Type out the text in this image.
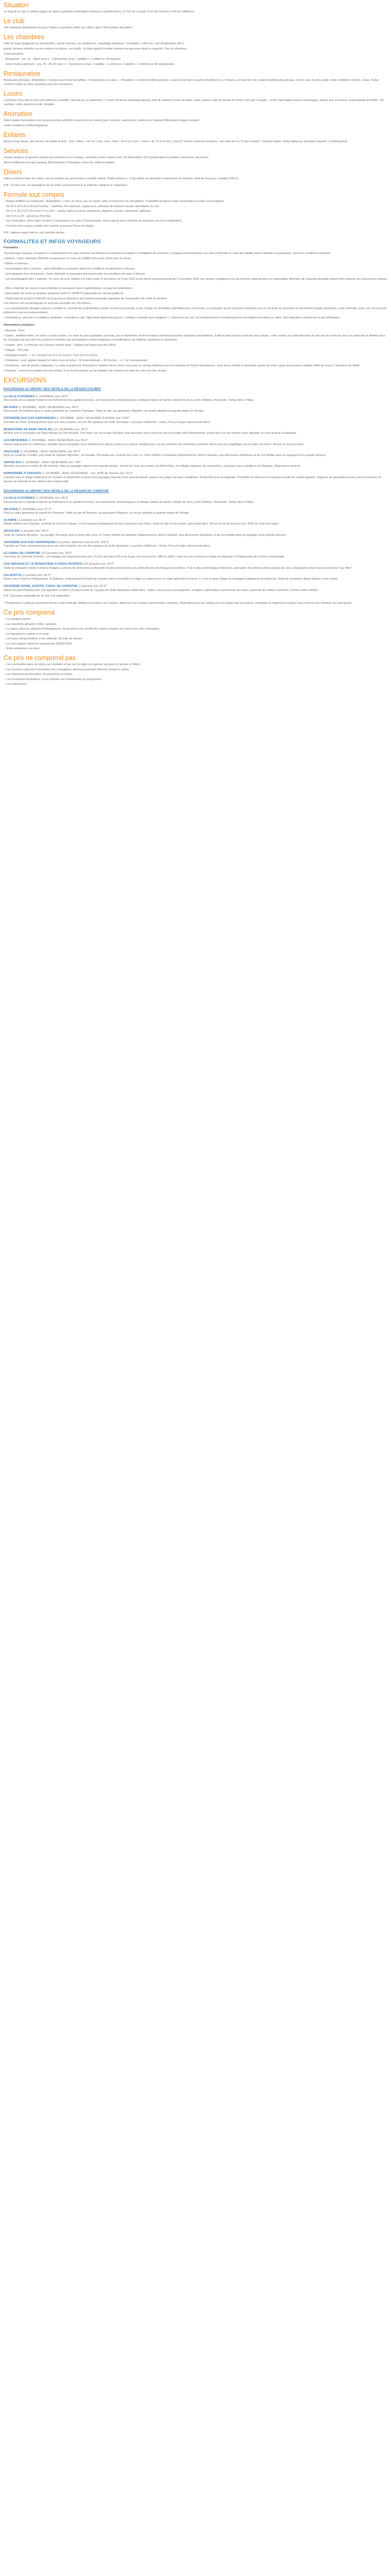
Situation

Le long de la côte (3 petites plages de sable et graviers aménagées enbaucé le pavillon bleu), à 2 km de Loutraki, 8 km de Corinthe et 85 km d'Athènes.

Le club

196 chambres (bungalows et junior Suites) construites à flanc de colline, dans 150 hectares de jardins.

Les chambres

Salle de bains (baignoire ou douche/WC), sèche-cheveux, air-conditionné, (chauffage individuel, TV/satellite, coffre fort, mini-réfrigérateur, Wi-Fi

gratuit, terrasse privative ou en commun ou balcon, vue jardin. Lit bébé gratuit (compte comme une personne dans la capacité). Pas de chambres

communicantes.

- Bungalows : env. 16 - 20m2 pour 1 - 3 personnes (max. 2 adultes + 1 enfant ou 1ft équipés).

- Junior Suite supérieure : env. 20 - 25 m2, pour 2 - 4 personnes (max. 3 adultes + 1 enfant ou 2 adultes + 2 enfants sur lits superposés).

Restauration

Restaurant principal « Amphitryon » (repas sous forme de buffets), 2 restaurants à la carte : « Poseidon » (cuisine méditerranéenne, ouvert le soir dans la partie Wyndham) et « Fetiano» en bord de mer (cuisine traditionnelle grecque, midi et soir, de juin à août, selon conditions météo), 2 bars. Tenue correcte exigée au dîner (pantalon pour les messieurs).

Loisirs

2 piscines d'eau douce dont une intérieure (chauffée, sauf de juin à septembre), 3 courts de tennis (éclairage payant), prêt de matériel, tennis de table, volley, basket, salle de remise en forme, mini golf. Payants : centre Spa Aegéa (soins et massages), sauna, bain à remous. Indépendants de l'hôtel : ski nautique, voile, planche à voile, plongée.

Animation

Notre équipe d'animation vous proposera des activités en journée et en soirée (jeux, tournois, spectacles). Soirée avec danses folkloriques chaque semaine

(selon conditions météorologiques).

Enfants

Bassin d'eau douce, aire de jeux. En juillet et août : club « Minis » de 4 à 7 ans, club « Kids » de 8 à 12 ans, « Ados » de 13 à 16 ans, 6 jours/7. Autres vacances scolaires : mini club de 4 à 12 ans 6 jours/7. Chaises hautes. Baby-sitting sur demande (payant). Lit bébé gratuit.

Services

chaises longues et parasols gratuits aux piscines et sur la plage, serviettes contre caution (env. 10 €/serviette), Wi-Fi gratuit dans les parties communes, ascenseur

dans le bâtiment principal, parking. Blanchisserie. Principales cartes de crédit acceptées.

Divers

Hôtel construit à flanc de colline, non accessible aux personnes à mobilité réduite. Petits animaux (- 5 kg) admis sur demande uniquement en chambre. Arrêt de bus pour Loutraki à 200 m.

N.B : À notre avis, les prestations de cet hôtel correspondent à un hôtel de catégorie 4* supérieure.

Formule tout compris
• Repas (buffets) au restaurant « Amphytrion », avec vin local, eau en carafe, bière et boissons non alcoolisées. Possibilité de panier-repas (réservation la veille à la réception).
• De 10 h 30 à 23 h 00 au Pool Bar : café/thés, thé expresso, cappuccino, sélection de boissons locales alcoolisées ou non.
• De 11 h 30 à 12 h 30 et de 17 h à 18 h : snacks salés et sucrés (sandwichs, légumes, pizzas, charcuterie, gâteaux)
• De 16 h à 17h : glaces au Pool Bar.
• Sur réservation, dîner dans l'un des 2 restaurants à la carte (1 fois/semaine, menu spécial avec sélection de boissons, de juin à septembre).
• Formule tout compris valable dès l'arrivée et jusqu'à l'heure du départ

N.B : plateau-repas froid en cas d'arrivée tardive

FORMALITES ET INFOS VOYAGEURS

Formalités :

Tout passager français, européen ou ressortissant d'un pays membre de l'Espace Economique Européen a l'obligation de présenter, à chaque embarquement, une pièce d'identité en cours de validité (carte d'identité ou passeport), selon les conditions suivantes :

• Adultes : Carte nationale d'identité ou passeport en cours de validité et/ou avec durée pour la retour.

• Bébés et mineurs :

- accompagnés des 2 parents : carte d'identité ou passeport selon les conditions mentionnées ci-dessus.

- accompagnés d'un seul parent : Carte d'identité ou passeport personnel selon les conditions de pays ci-dessus.

- non accompagnés des 2 parents : En vertu de la loi relative à la lutte contre le terrorisme du 3 juin 2016 et du décret gouvernemental du 2 novembre 2016, les mineurs voyageant hors du territoire national sans un responsable détenteur de l'autorité parentale doivent être porteurs des documents suivants :

- Pièce d'identité du mineur (carte d'identité ou passeport selon réglementation du pays de destination)

- Autorisation de sortie du territoire (imprimé Cerfa N° 15646*01 disponible sur service-public.fr)

- Photocopie de la pièce d'identité de la personne détentrice de l'autorité parentale signataire de l'autorisation de sortie du territoire

Les mineurs non accompagnés ne sont pas acceptés sur nos séjours.

• Les ressortissants étrangers doivent consulter le consulat de la destination choisie et doivent accomplir, à leur charge, les formalités spécifiques les concernant. Un passager qui ne peut pas embarquer sur un vol faute de présenter les documents exigés (passeport, carte d'identité, visas, etc.) ne pourrait prétendre à aucun remboursement.

• Informations, sécurité et conditions sanitaires : consultez le site "http://www.diplomatie.gouv.fr", rubrique «conseils aux voyageurs ». Dans tous les cas, l'accomplissement à l'entièrement des formalités incombent au client, sauf indication contraire de la part d'Héliades.

Informations pratiques :

• Monnaie : Euro

• Climat : méditerranéen, en visite en toute saison. Les mois les plus agréables sont mai, juin et septembre. Avril et octobre connaissent parfois quelques perturbations. Juillet et août sont les mois les plus chauds ; cette chaleur est atténuée dans les îles par les vents du nord, en particulier le Meltem dans les Cyclades qui peut être très violent et entraîner des perturbations météorologiques et modifications de rotations maritimes ou aériennes.

• Langue : grec. Le français est à langue vivante parlé ; l'anglais est beaucoup plus utilisé.

• Voltage : 220 volts.

• Décalage horaire : + 1h. Lorsqu'il est 12 h en France, il est 13 h en Grèce.

• Téléphone : pour appeler depuis la France vers la Grèce : 00 (international) + 30 (Grèce) - + n° du correspondant.

• Pourboires : pas de service obligatoire. La carte européenne d'assurance maladie donne droit à une prise en charge médicale pour les citoyens de l'Union Européenne. Vous devez la faire la demande auprès de votre caisse d'assurance maladie (délai au moins 2 semaines de délai).

• Animaux : rarement acceptés dans les hôtels. Ils ne le sont jamais sur les bateaux de croisières et dans les cars lors des circuits.

EXCURSIONS
EXCURSIONS AU DÉPART DES HÔTELS DE LA RÉGION D'EUBÉE
LA VILLE D'ATHÈNES (1 JOURNÉE) env. 44 €*
Découverte de la capitale moderne du Parlement et les gardes Evzones, ses monuments néoclassiques), et antique (stade de marbre, temple de Zeus, porte d'Adrien, l'Acropole). Temps libre à Plaka.
DELPHES (1 JOURNÉE - AVEC DÉJEUNER) env. 58 €*
Découverte de Delphes dans le cadre grandiose du massif du Parnasse. Visite du site, du sanctuaire d'Apollon, du musée abritant la superbe statue de l'Aurige.
CROISIÈRE AUX ÎLES SARONIQUES (1 JOURNÉE - AVEC DÉJEUNER À BORD) env. 110€*
Transfert au Pirée, embarquement pour une mini-croisière vers les îles typiques du Golfe Saronique, si proches d'Athènes : Hydra, Poros et Egine (découverte libre).
MONASTÈRE DE SAINT NIKOLAS (1/2 JOURNÉE) env. 35 €*
Montée vers le monastère de Saint Nikolas sur l'île d'Eubée. Très belle vue sur la baie d'Eretria. Puis descente vers le bord de mer et la petite ville d'Amarynthos, temps libre sur son marché, pour déguster un ouzo et pour la baignade.
LES MÉTÉORES (1 JOURNÉE - AVEC DÉJEUNER) env. 80 €*
Départ matinal pour les Météores, véritable décor surréaliste où se dressent des pitons rocheux aux parois vertigineuses. De leur sommet, les monastères perchés offrent une vue magnifique sur la vallée du Pénée. Retour en fin de journée.
ARGOLIDE (1 JOURNÉE - AVEC DÉJEUNER) env. 68 €*
Arrêt au Canal de Corinthe, puis visite de l'antique Mycènes : sa muraille, l'Acropole avec la porte des Lions, le Trésor d'Atrée ou tombeau d'Agamemnon). Arrêt à Nauplie, puis découverte d'Epidaure et de son théâtre dans un paysage d'une grande douceur.
SAFARI 4X4 (1 JOURNÉE - AVEC DÉJEUNER) env. 72€*
Aventure à travers le centre de l'île d'Eubée, dans un paysage naturel d'une grande beauté : la forêt de Seta, les sentiers du Mont Dirfys, les villages typiques, les monastères, jusqu'aux eaux cristallines de Chiliadou. Déjeuner en taverne.
RANDONNÉE À ZARAKES (1 JOURNÉE - AVEC DÉJEUNER) - env. 3h30 de marche env. 40 €*
Transfert vers le village traditionnel de Zarakes et randonnée à travers des paysages naturels d'une grande beauté, jusqu'à une plage aux eaux cristallines. Temps libre pour la baignade. Possibilité de découvrir en bateau la grotte de Lakaki (payant). Déjeuner de spécialités locales (exclu boissons) en taverne au bord de la mer. Retour dans l'après-midi.
EXCURSIONS AU DÉPART DES HÔTELS DE LA RÉGION DE CORINTHE
LA VILLE D'ATHÈNES (1 JOURNÉE) env. 58 €*
Découverte de la capitale moderne du Parlement et les gardes Evzones, ses monuments néoclassiques), et antique (stade de marbre, temple de Zeus, porte d'Adrien, l'Acropole). Temps libre à Plaka.
DELPHES (1 JOURNÉE) env. 67 €*
Dans le cadre grandiose du massif du Parnasse. Visite du site de Delphes, du sanctuaire d'Apollon, du musée abritant la superbe statue de l'Aurige.
OLYMPIE (1 journée) env. 65 €*
Départ matinal vers Olympie, symbole de la Grèce antique, où les hommes pratiquaient les jeux consacrés aux Dieux. Visite du site et son musée, puis temps libre. Retour en fin de journée (env. 3h30 de route par trajet).
ARGOLIDE (1 journée) env. 58 €*
Visite de l'antique Mycènes : sa muraille, l'Acropole avec la porte des Lions, le Trésor d'Atrée (ou tombeau d'Agamemnon). Arrêt à Nauplie, puis découverte d'Epidaure et de son théâtre dans un paysage d'une grande douceur.
CROISIÈRE AUX ÎLES SARONIQUES (1 journée, déjeuner à bord) env. 109 €*
Transfert au Pirée, embarquement pour une mini-croisière vers les îles typiques du Golfe Saronique, si proches d'Athènes : Hydra, Poros et Egine (découverte libre).
LE CANAL DE CORINTHE (1/2 journée) env. 28 €*
Traversée du Canal de Corinthe : cet ouvrage très impressionnant (env. 6.3 km de long et 25 m de large), fut creusé entre 1882 et 1893. Il relie les mers Ionienne et Egée en séparant le Péloponnèse de la Grèce continentale.
CAP HERAION ET LE MONASTÈRE D'OSIOS PATAPIOS (1/2 journée) env. 30 €*
Visite du monastère dédié à Ossios Patapios, saint du 4e siècle dont la dépouille fut découverte dans une grotte décorée de fresques byzantines. Puis le site archéologique d'Heraion, sanctuaire de la déesse Héra épouse de Zeus. Dégustation d'un mezze au bord du "Lac Bleu".
KALAVRYTA (1 journée) env. 50 €*
Route vers le haut du Péloponnèse. À Diakopto, embarquement à bord de l'ancien train à crémaillère (à régler sur place) pour un trajet splendide d'environ 1 h vers le beau village de montagne traditionnel de Kalavryta. Visite du monastère Mega Spileon et de musée.
CROISIÈRE EOINE, AGISTRI, CANAL DE CORINTHE (1 journée) env. 65 €*
Départ du port d'Isthmia pour une agréable croisière à la découverte de 2 joyaux du Golfe Saronique (visite libre) : Egine, connue pour ses pistaches, et Agistri, authentique et préservée. Au retour, traversée du célèbre Canal de Corinthe (selon météo).

N.B : Excursion réalisable de fin mai à mi-septembre.

* Programme et tarifs par personne donnés à titre indicatif, limitées et horaires non compris, déjeuners non compris sauf mention contraire). Réductions pour les enfants pour la plupart des excursions. Inscription et règlement sur place sous réserve d'un minimum de participants.

Ce prix comprend
• Le transport aérien
• Les transferts aéroport / hôtel / aéroport
• Le séjour selon la catégorie d'hébergement, de pension et de nombre de nuitées choisies au moment de votre réservation
• Le logement en cabine et en suite
• Les taxes aéroportuaires et de solidarité, les frais de dossier.
• La taxe carbone (directive européenne 2003/87/CE).
• Notre assistance sur place.
Ce prix ne comprend pas
• Les éventuelles taxes de séjour par chambre et par nuit (à régler en espèces sur place à l'arrivée à l'hôtel).
• Les hausses carburant éventuelles des compagnies aériennes pouvant intervenir durant le saison.
• Les dépenses personnelles, les pourboires et extras.
• Les excursions facultatives, et les activités non mentionnées au programme
• Les assurances.
